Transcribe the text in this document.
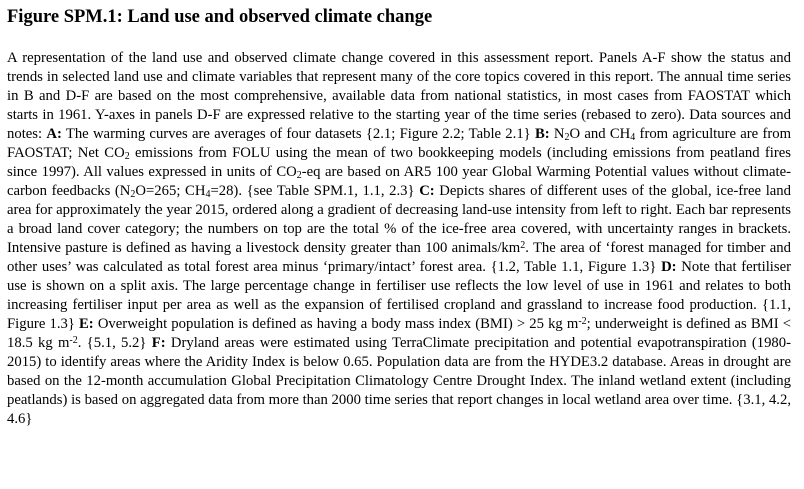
Figure SPM.1: Land use and observed climate change
A representation of the land use and observed climate change covered in this assessment report. Panels A-F show the status and trends in selected land use and climate variables that represent many of the core topics covered in this report. The annual time series in B and D-F are based on the most comprehensive, available data from national statistics, in most cases from FAOSTAT which starts in 1961. Y-axes in panels D-F are expressed relative to the starting year of the time series (rebased to zero). Data sources and notes: A: The warming curves are averages of four datasets {2.1; Figure 2.2; Table 2.1} B: $N_2O$ and $CH_4$ from agriculture are from FAOSTAT; Net $CO_2$ emissions from FOLU using the mean of two bookkeeping models (including emissions from peatland fires since 1997). All values expressed in units of $CO_2-eq$ are based on AR5 100 year Global Warming Potential values without climate-carbon feedbacks ($N_2O=265$; $CH_4=28$). {see Table SPM.1, 1.1, 2.3} C: Depicts shares of different uses of the global, ice-free land area for approximately the year 2015, ordered along a gradient of decreasing land-use intensity from left to right. Each bar represents a broad land cover category; the numbers on top are the total % of the ice-free area covered, with uncertainty ranges in brackets. Intensive pasture is defined as having a livestock density greater than 100 animals/$km^2$. The area of ‘forest managed for timber and other uses’ was calculated as total forest area minus ‘primary/intact’ forest area. {1.2, Table 1.1, Figure 1.3} D: Note that fertiliser use is shown on a split axis. The large percentage change in fertiliser use reflects the low level of use in 1961 and relates to both increasing fertiliser input per area as well as the expansion of fertilised cropland and grassland to increase food production. {1.1, Figure 1.3} E: Overweight population is defined as having a body mass index (BMI) > 25 kg $m^{-2}$; underweight is defined as BMI < 18.5 kg $m^{-2}$. {5.1, 5.2} F: Dryland areas were estimated using TerraClimate precipitation and potential evapotranspiration (1980-2015) to identify areas where the Aridity Index is below 0.65. Population data are from the HYDE3.2 database. Areas in drought are based on the 12-month accumulation Global Precipitation Climatology Centre Drought Index. The inland wetland extent (including peatlands) is based on aggregated data from more than 2000 time series that report changes in local wetland area over time. {3.1, 4.2, 4.6}
